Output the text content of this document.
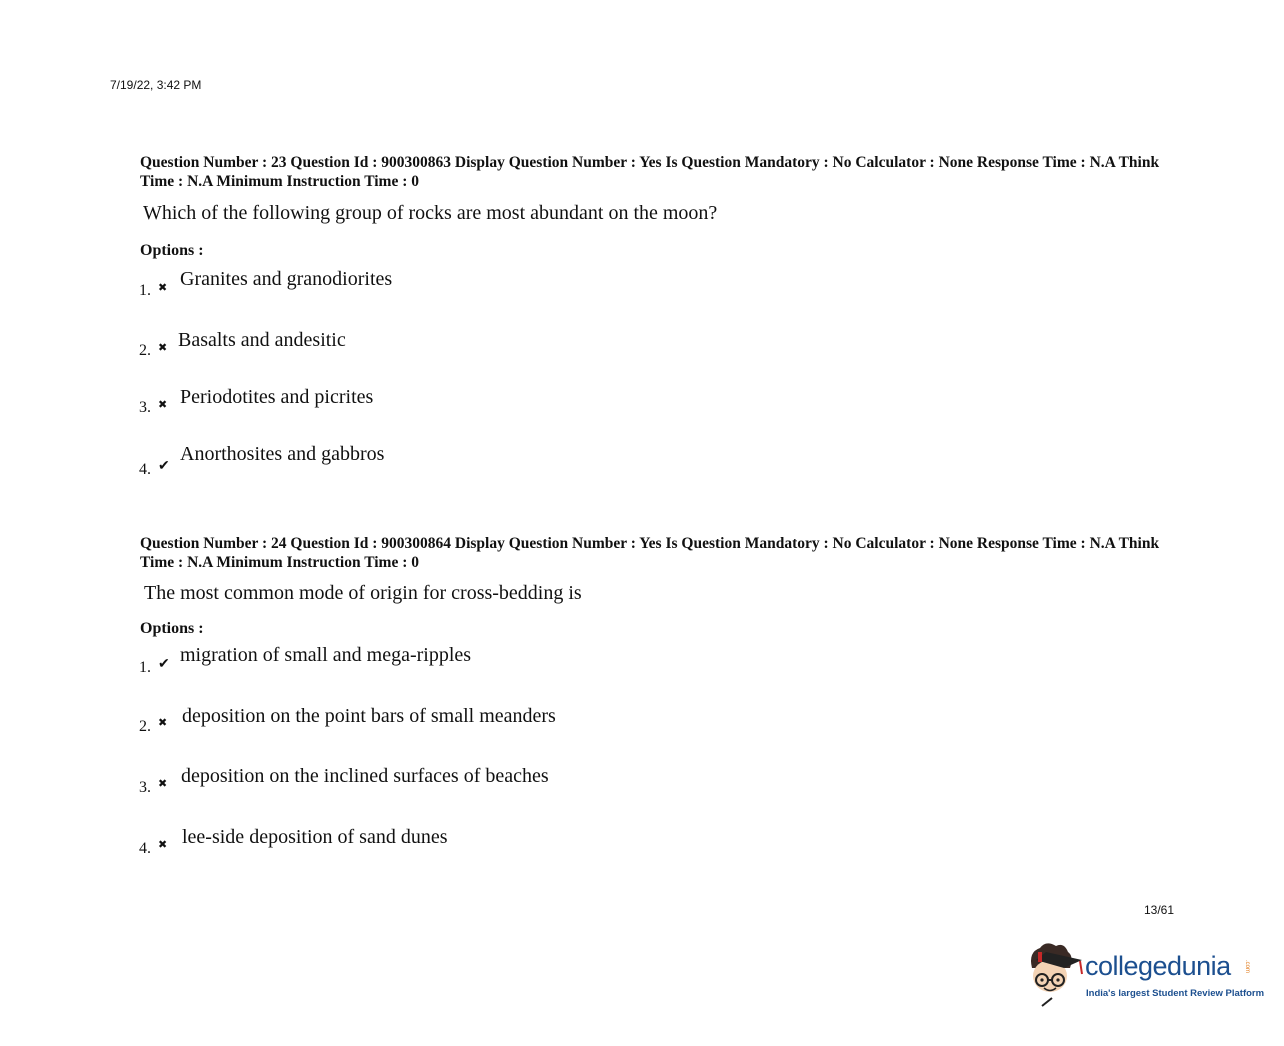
7/19/22, 3:42 PM
Question Number : 23 Question Id : 900300863 Display Question Number : Yes Is Question Mandatory : No Calculator : None Response Time : N.A Think Time : N.A Minimum Instruction Time : 0
Which of the following group of rocks are most abundant on the moon?
Options :
1. ✖ Granites and granodiorites
2. ✖ Basalts and andesitic
3. ✖ Periodotites and picrites
4. ✔ Anorthosites and gabbros
Question Number : 24 Question Id : 900300864 Display Question Number : Yes Is Question Mandatory : No Calculator : None Response Time : N.A Think Time : N.A Minimum Instruction Time : 0
The most common mode of origin for cross-bedding is
Options :
1. ✔ migration of small and mega-ripples
2. ✖ deposition on the point bars of small meanders
3. ✖ deposition on the inclined surfaces of beaches
4. ✖ lee-side deposition of sand dunes
13/61
collegedunia .com
India's largest Student Review Platform
